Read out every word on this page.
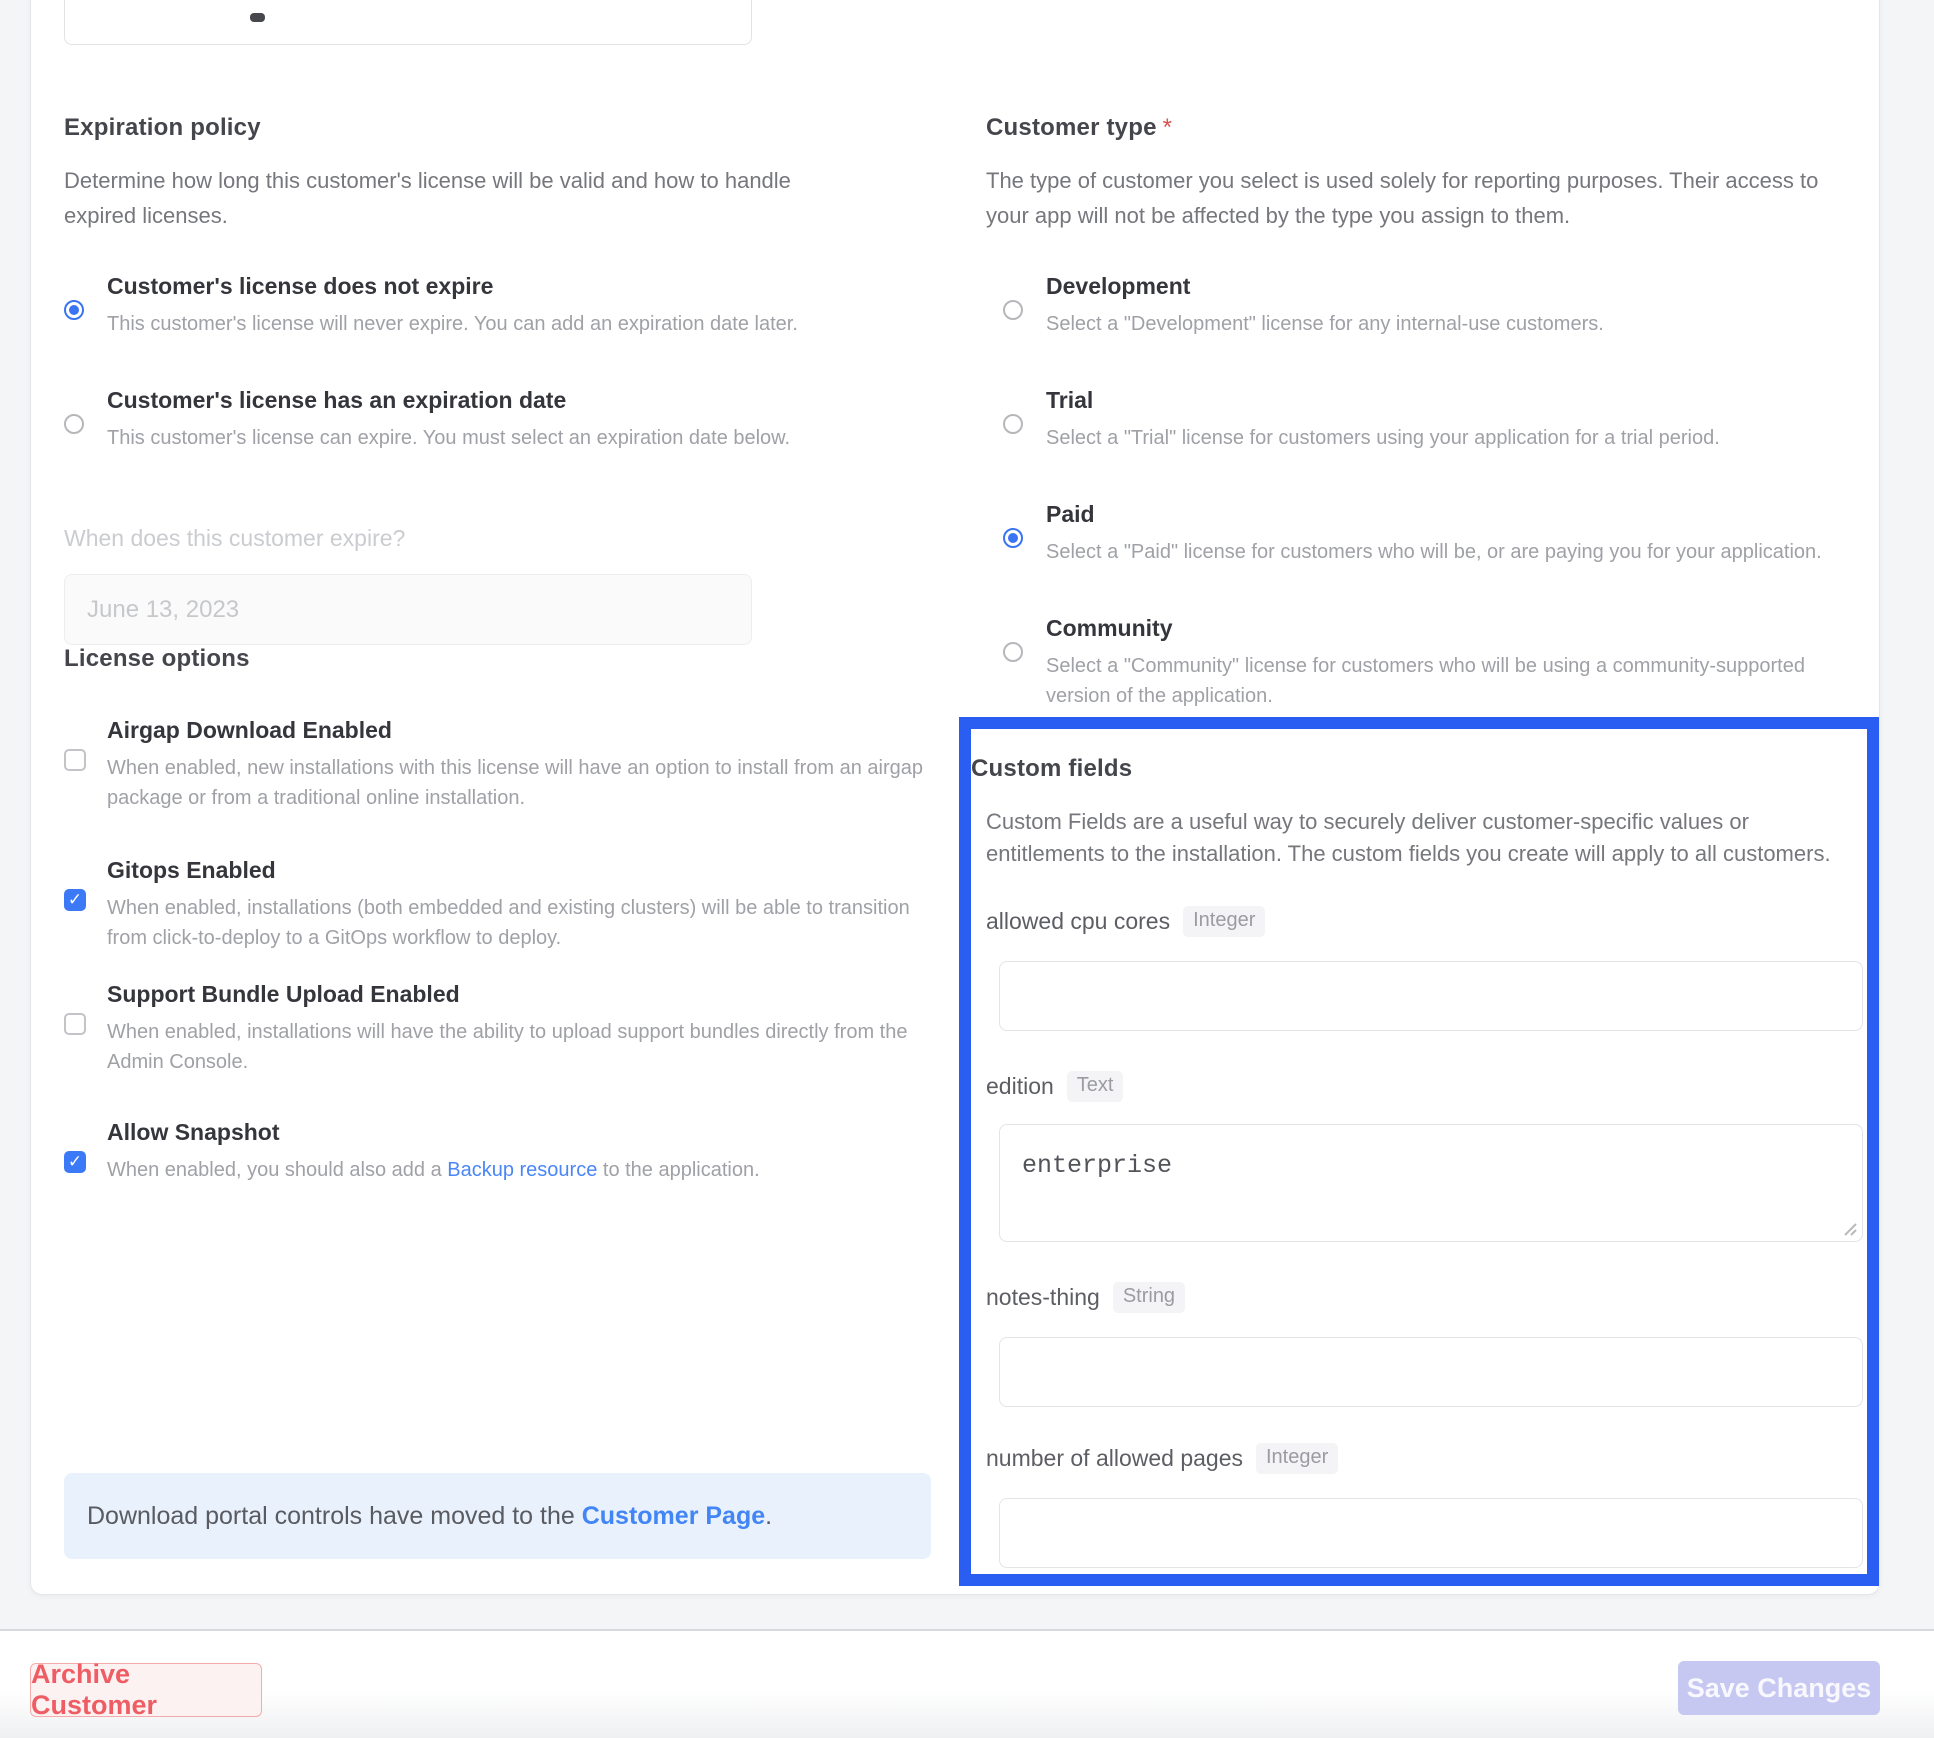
Expiration policy
Determine how long this customer's license will be valid and how to handle expired licenses.
Customer's license does not expire
This customer's license will never expire. You can add an expiration date later.
Customer's license has an expiration date
This customer's license can expire. You must select an expiration date below.
When does this customer expire?
June 13, 2023
License options
Airgap Download Enabled
When enabled, new installations with this license will have an option to install from an airgap package or from a traditional online installation.
Gitops Enabled
✓
When enabled, installations (both embedded and existing clusters) will be able to transition from click-to-deploy to a GitOps workflow to deploy.
Support Bundle Upload Enabled
When enabled, installations will have the ability to upload support bundles directly from the Admin Console.
Allow Snapshot
✓
When enabled, you should also add a Backup resource to the application.
Customer type *
The type of customer you select is used solely for reporting purposes. Their access to your app will not be affected by the type you assign to them.
Development
Select a "Development" license for any internal-use customers.
Trial
Select a "Trial" license for customers using your application for a trial period.
Paid
Select a "Paid" license for customers who will be, or are paying you for your application.
Community
Select a "Community" license for customers who will be using a community-supported version of the application.
Custom fields
Custom Fields are a useful way to securely deliver customer-specific values or entitlements to the installation. The custom fields you create will apply to all customers.
allowed cpu cores	Integer
edition	Text
enterprise
notes-thing	String
number of allowed pages	Integer
Download portal controls have moved to the Customer Page.
Archive Customer
Save Changes
